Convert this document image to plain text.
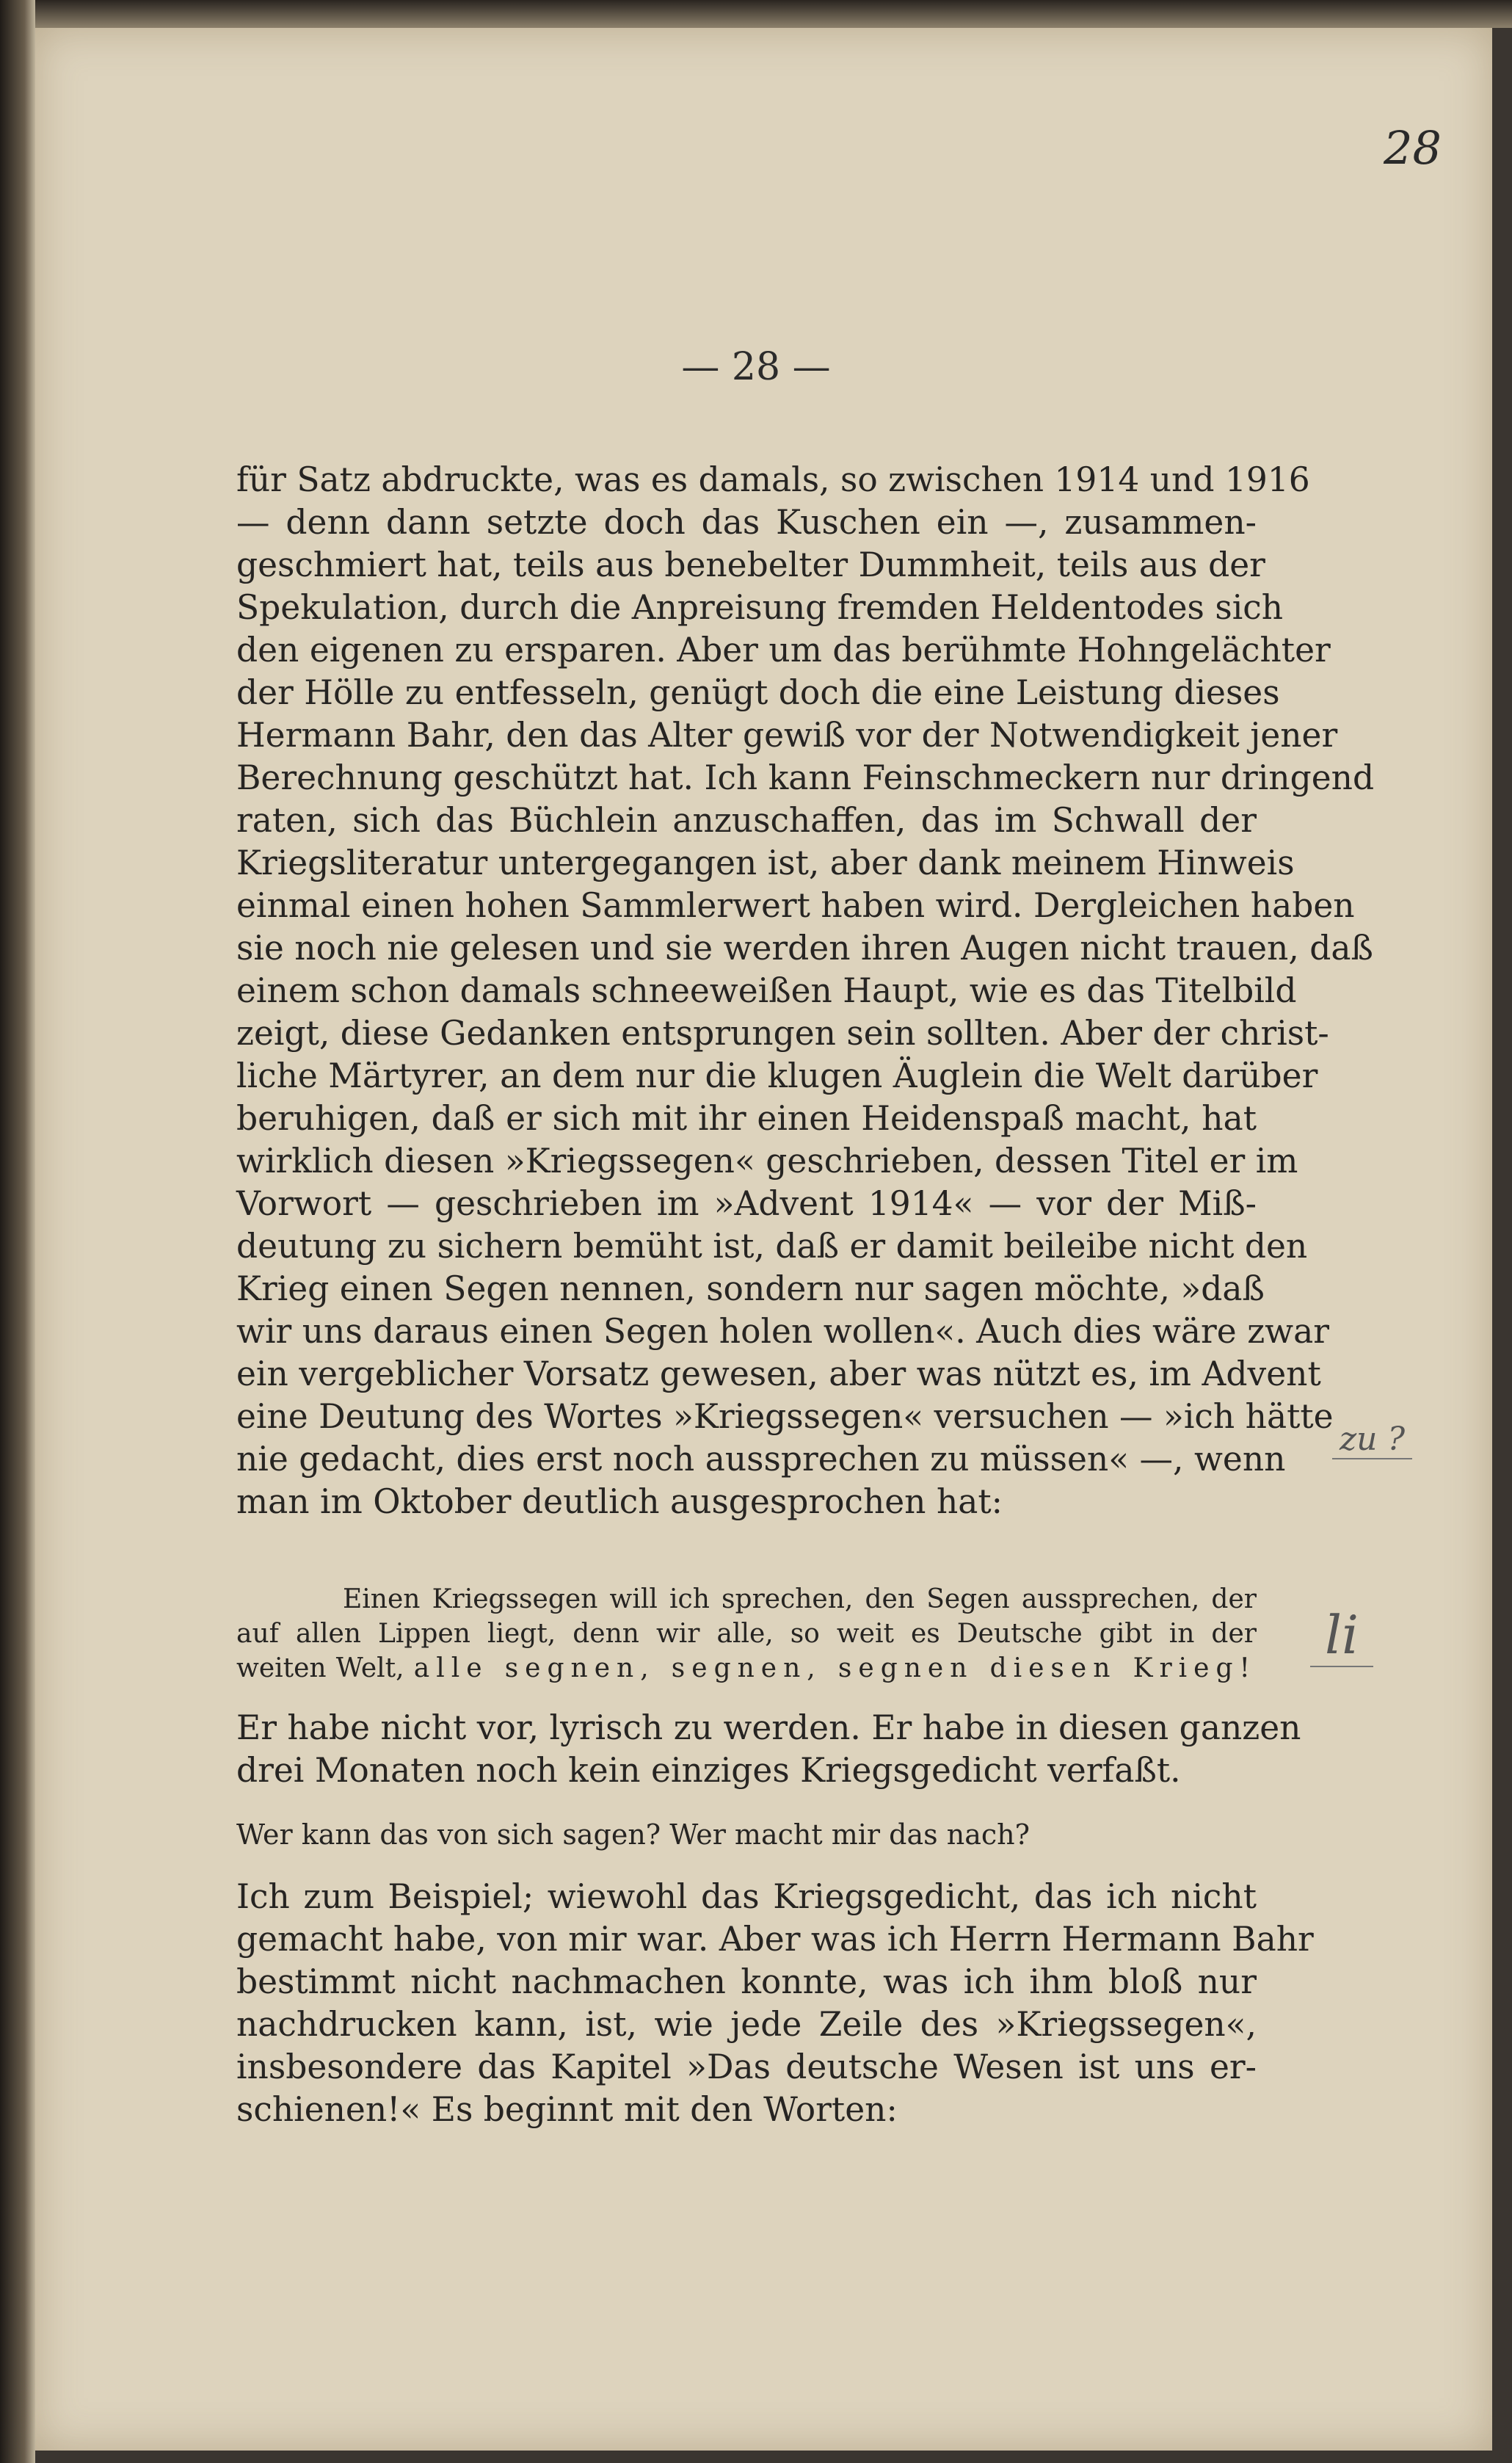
28
— 28 —
für Satz abdruckte, was es damals, so zwischen 1914 und 1916
— denn dann setzte doch das Kuschen ein —, zusammen-
geschmiert hat, teils aus benebelter Dummheit, teils aus der
Spekulation, durch die Anpreisung fremden Heldentodes sich
den eigenen zu ersparen. Aber um das berühmte Hohngelächter
der Hölle zu entfesseln, genügt doch die eine Leistung dieses
Hermann Bahr, den das Alter gewiß vor der Notwendigkeit jener
Berechnung geschützt hat. Ich kann Feinschmeckern nur dringend
raten, sich das Büchlein anzuschaffen, das im Schwall der
Kriegsliteratur untergegangen ist, aber dank meinem Hinweis
einmal einen hohen Sammlerwert haben wird. Dergleichen haben
sie noch nie gelesen und sie werden ihren Augen nicht trauen, daß
einem schon damals schneeweißen Haupt, wie es das Titelbild
zeigt, diese Gedanken entsprungen sein sollten. Aber der christ-
liche Märtyrer, an dem nur die klugen Äuglein die Welt darüber
beruhigen, daß er sich mit ihr einen Heidenspaß macht, hat
wirklich diesen »Kriegssegen« geschrieben, dessen Titel er im
Vorwort — geschrieben im »Advent 1914« — vor der Miß-
deutung zu sichern bemüht ist, daß er damit beileibe nicht den
Krieg einen Segen nennen, sondern nur sagen möchte, »daß
wir uns daraus einen Segen holen wollen«. Auch dies wäre zwar
ein vergeblicher Vorsatz gewesen, aber was nützt es, im Advent
eine Deutung des Wortes »Kriegssegen« versuchen — »ich hätte
nie gedacht, dies erst noch aussprechen zu müssen« —, wenn
man im Oktober deutlich ausgesprochen hat:
Einen Kriegssegen will ich sprechen, den Segen aussprechen, der
auf allen Lippen liegt, denn wir alle, so weit es Deutsche gibt in der
weiten Welt, alle segnen, segnen, segnen diesen Krieg!
Er habe nicht vor, lyrisch zu werden. Er habe in diesen ganzen
drei Monaten noch kein einziges Kriegsgedicht verfaßt.
Wer kann das von sich sagen? Wer macht mir das nach?
Ich zum Beispiel; wiewohl das Kriegsgedicht, das ich nicht
gemacht habe, von mir war. Aber was ich Herrn Hermann Bahr
bestimmt nicht nachmachen konnte, was ich ihm bloß nur
nachdrucken kann, ist, wie jede Zeile des »Kriegssegen«,
insbesondere das Kapitel »Das deutsche Wesen ist uns er-
schienen!« Es beginnt mit den Worten:
zu ?
li
